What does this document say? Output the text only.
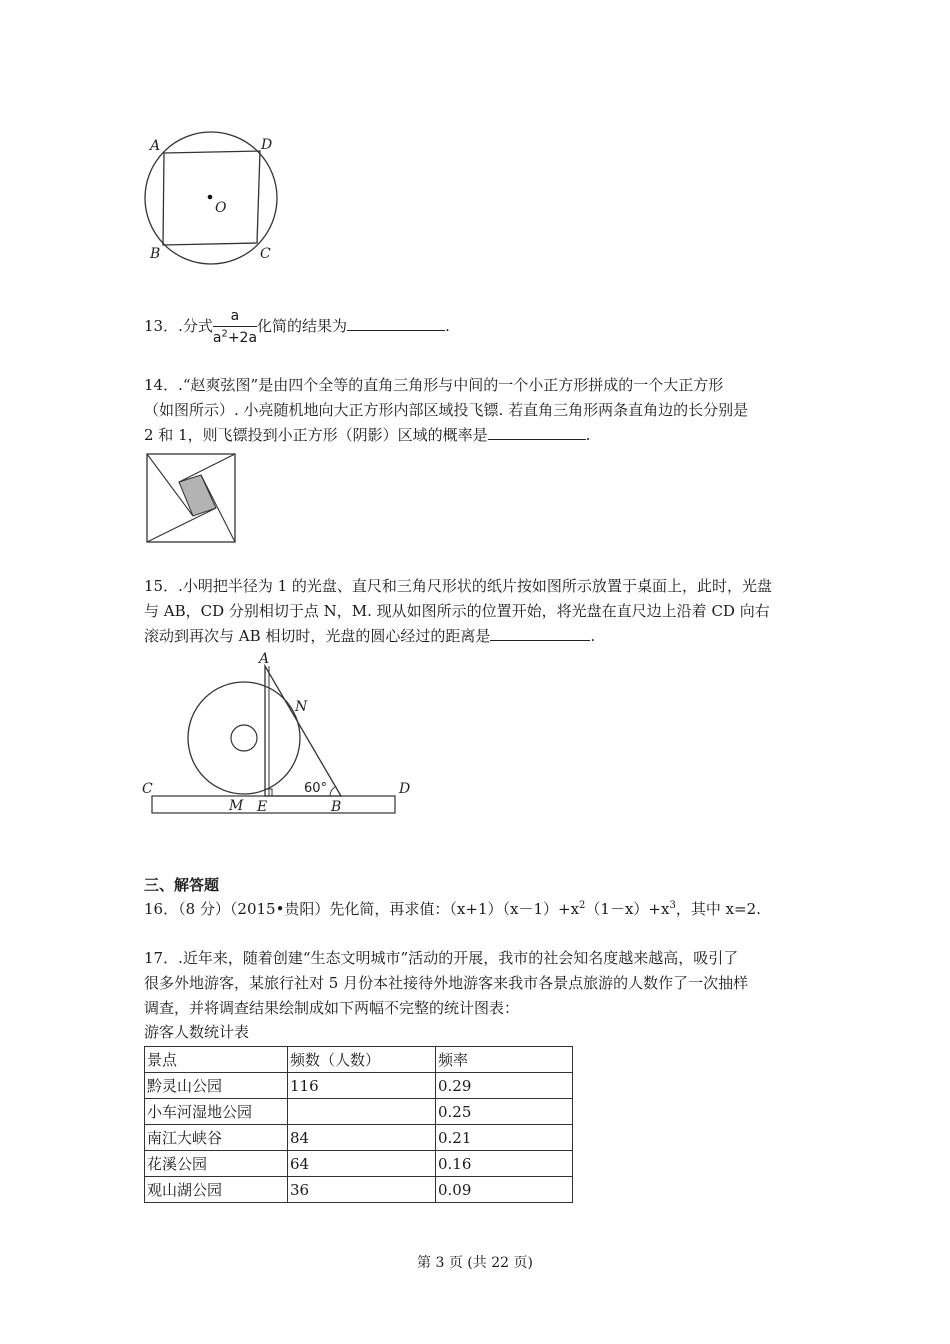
A	D
O
B	C
13．.分式 $\frac{a}{a^2+2a}$ 化简的结果为	.
14．.“赵爽弦图”是由四个全等的直角三角形与中间的一个小正方形拼成的一个大正方形
（如图所示）. 小亮随机地向大正方形内部区域投飞镖. 若直角三角形两条直角边的长分别是
2 和 1，则飞镖投到小正方形（阴影）区域的概率是	.
15．.小明把半径为 1 的光盘、直尺和三角尺形状的纸片按如图所示放置于桌面上，此时，光盘
与 AB，CD 分别相切于点 N，M. 现从如图所示的位置开始，将光盘在直尺边上沿着 CD 向右
滚动到再次与 AB 相切时，光盘的圆心经过的距离是	.
A
N
60°
C	D
M E	B
三、解答题
16．（8 分）（2015•贵阳）先化简，再求值：$(x+1)(x-1)+x^2(1-x)+x^3$，其中 x=2.
17．.近年来，随着创建“生态文明城市”活动的开展，我市的社会知名度越来越高，吸引了
很多外地游客，某旅行社对 5 月份本社接待外地游客来我市各景点旅游的人数作了一次抽样
调查，并将调查结果绘制成如下两幅不完整的统计图表：
游客人数统计表
景点	频数（人数）	频率
黔灵山公园	116	0.29
小车河湿地公园		0.25
南江大峡谷	84	0.21
花溪公园	64	0.16
观山湖公园	36	0.09
第 3 页 (共 22 页)
